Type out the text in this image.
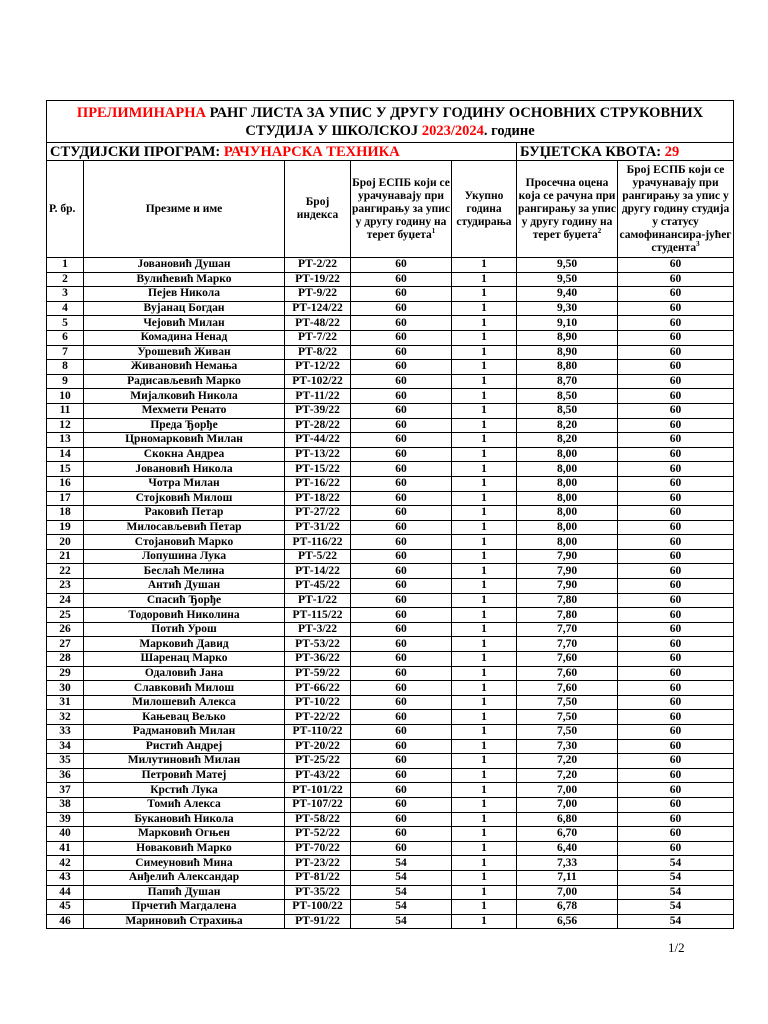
ПРЕЛИМИНАРНА РАНГ ЛИСТА ЗА УПИС У ДРУГУ ГОДИНУ ОСНОВНИХ СТРУКОВНИХ
СТУДИЈА У ШКОЛСКОЈ 2023/2024. године						

СТУДИЈСКИ ПРОГРАМ: РАЧУНАРСКА ТЕХНИКА					БУЏЕТСКА КВОТА: 29	
Р. бр.	Презиме и име	Број индекса	Број ЕСПБ који се урачунавају при рангирању за упис у другу годину на терет буџета$^1$	Укупно година студирања	Просечна оцена која се рачуна при рангирању за упис у другу годину на терет буџета$^2$	Број ЕСПБ који се урачунавају при рангирању за упис у другу годину студија у статусу самофинансира-јућег студента$^3$
1	Јовановић Душан	РТ-2/22	60	1	9,50	60
2	Вулићевић Марко	РТ-19/22	60	1	9,50	60
3	Пејев Никола	РТ-9/22	60	1	9,40	60
4	Вујанац Богдан	РТ-124/22	60	1	9,30	60
5	Чејовић Милан	РТ-48/22	60	1	9,10	60
6	Комадина Ненад	РТ-7/22	60	1	8,90	60
7	Урошевић Живан	РТ-8/22	60	1	8,90	60
8	Живановић Немања	РТ-12/22	60	1	8,80	60
9	Радисављевић Марко	РТ-102/22	60	1	8,70	60
10	Мијалковић Никола	РТ-11/22	60	1	8,50	60
11	Мехмети Ренато	РТ-39/22	60	1	8,50	60
12	Преда Ђорђе	РТ-28/22	60	1	8,20	60
13	Црномарковић Милан	РТ-44/22	60	1	8,20	60
14	Скокна Андреа	РТ-13/22	60	1	8,00	60
15	Јовановић Никола	РТ-15/22	60	1	8,00	60
16	Чотра Милан	РТ-16/22	60	1	8,00	60
17	Стојковић Милош	РТ-18/22	60	1	8,00	60
18	Раковић Петар	РТ-27/22	60	1	8,00	60
19	Милосављевић Петар	РТ-31/22	60	1	8,00	60
20	Стојановић Марко	РТ-116/22	60	1	8,00	60
21	Лопушина Лука	РТ-5/22	60	1	7,90	60
22	Беслаћ Мелина	РТ-14/22	60	1	7,90	60
23	Антић Душан	РТ-45/22	60	1	7,90	60
24	Спасић Ђорђе	РТ-1/22	60	1	7,80	60
25	Тодоровић Николина	РТ-115/22	60	1	7,80	60
26	Потић Урош	РТ-3/22	60	1	7,70	60
27	Марковић Давид	РТ-53/22	60	1	7,70	60
28	Шаренац Марко	РТ-36/22	60	1	7,60	60
29	Одаловић Јана	РТ-59/22	60	1	7,60	60
30	Славковић Милош	РТ-66/22	60	1	7,60	60
31	Милошевић Алекса	РТ-10/22	60	1	7,50	60
32	Кањевац Вељко	РТ-22/22	60	1	7,50	60
33	Радмановић Милан	РТ-110/22	60	1	7,50	60
34	Ристић Андреј	РТ-20/22	60	1	7,30	60
35	Милутиновић Милан	РТ-25/22	60	1	7,20	60
36	Петровић Матеј	РТ-43/22	60	1	7,20	60
37	Крстић Лука	РТ-101/22	60	1	7,00	60
38	Томић Алекса	РТ-107/22	60	1	7,00	60
39	Букановић Никола	РТ-58/22	60	1	6,80	60
40	Марковић Огњен	РТ-52/22	60	1	6,70	60
41	Новаковић Марко	РТ-70/22	60	1	6,40	60
42	Симеуновић Мина	РТ-23/22	54	1	7,33	54
43	Анђелић Александар	РТ-81/22	54	1	7,11	54
44	Папић Душан	РТ-35/22	54	1	7,00	54
45	Прчетић Магдалена	РТ-100/22	54	1	6,78	54
46	Мариновић Страхиња	РТ-91/22	54	1	6,56	54
1/2
